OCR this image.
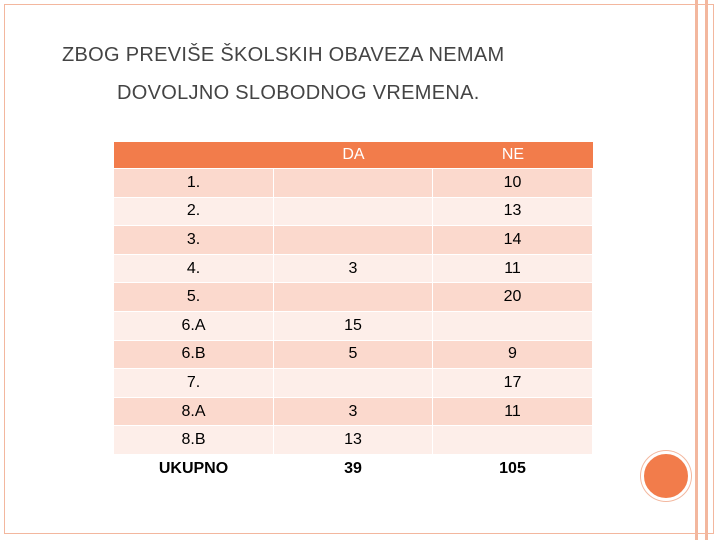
ZBOG PREVIŠE ŠKOLSKIH OBAVEZA NEMAM
DOVOLJNO SLOBODNOG VREMENA.
	DA	NE
1.		10
2.		13
3.		14
4.	3	11
5.		20
6.A	15	
6.B	5	9
7.		17
8.A	3	11
8.B	13	
UKUPNO	39	105
